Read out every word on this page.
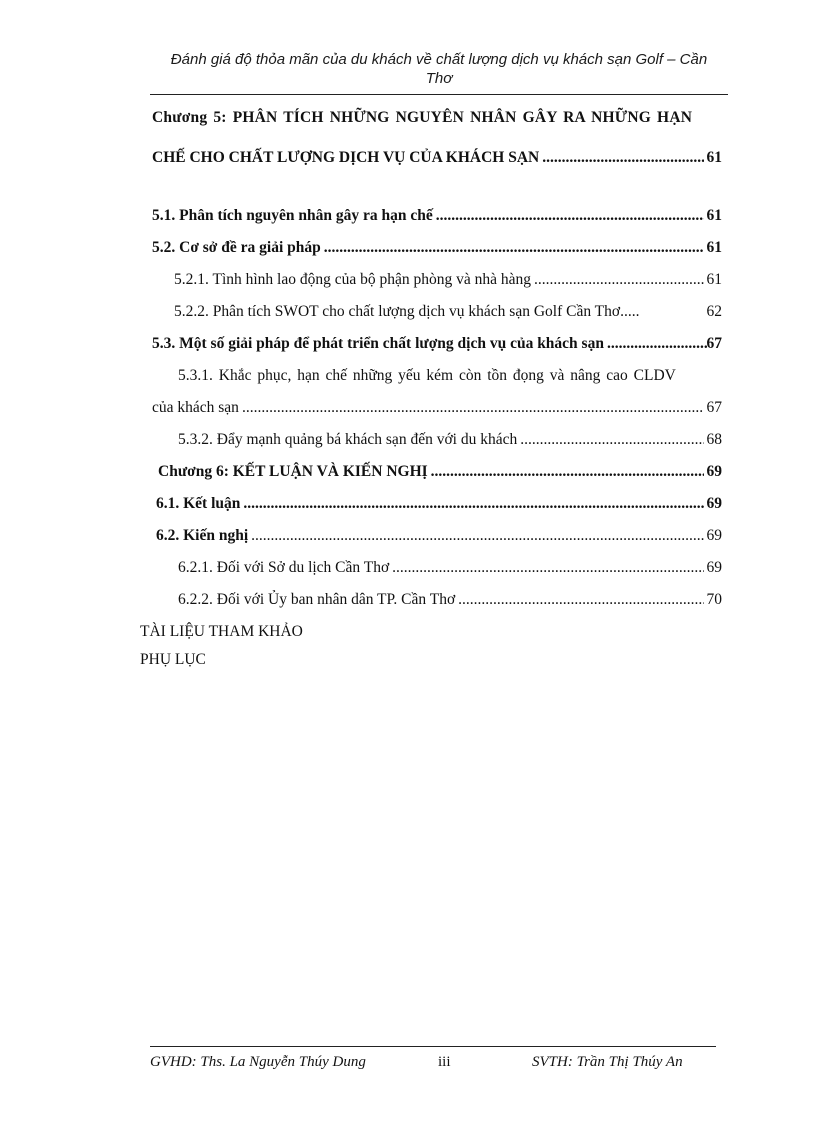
Đánh giá độ thỏa mãn của du khách về chất lượng dịch vụ khách sạn Golf – Cần
Thơ
Chương 5: PHÂN TÍCH NHỮNG NGUYÊN NHÂN GÂY RA NHỮNG HẠN
CHẾ CHO CHẤT LƯỢNG DỊCH VỤ CỦA KHÁCH SẠN .....	61
5.1. Phân tích nguyên nhân gây ra hạn chế .....	61
5.2. Cơ sở đề ra giải pháp .....	61
5.2.1. Tình hình lao động của bộ phận phòng và nhà hàng .....	61
5.2.2. Phân tích SWOT cho chất lượng dịch vụ khách sạn Golf Cần Thơ.....	62
5.3. Một số giải pháp để phát triển chất lượng dịch vụ của khách sạn .....	67
5.3.1. Khắc phục, hạn chế những yếu kém còn tồn đọng và nâng cao CLDV
của khách sạn .....	67
5.3.2. Đẩy mạnh quảng bá khách sạn đến với du khách .....	68
Chương 6: KẾT LUẬN VÀ KIẾN NGHỊ .....	69
6.1. Kết luận .....	69
6.2. Kiến nghị .....	69
6.2.1. Đối với Sở du lịch Cần Thơ .....	69
6.2.2. Đối với Ủy ban nhân dân TP. Cần Thơ .....	70
TÀI LIỆU THAM KHẢO
PHỤ LỤC
GVHD: Ths. La Nguyễn Thúy Dung	iii	SVTH: Trần Thị Thúy An
